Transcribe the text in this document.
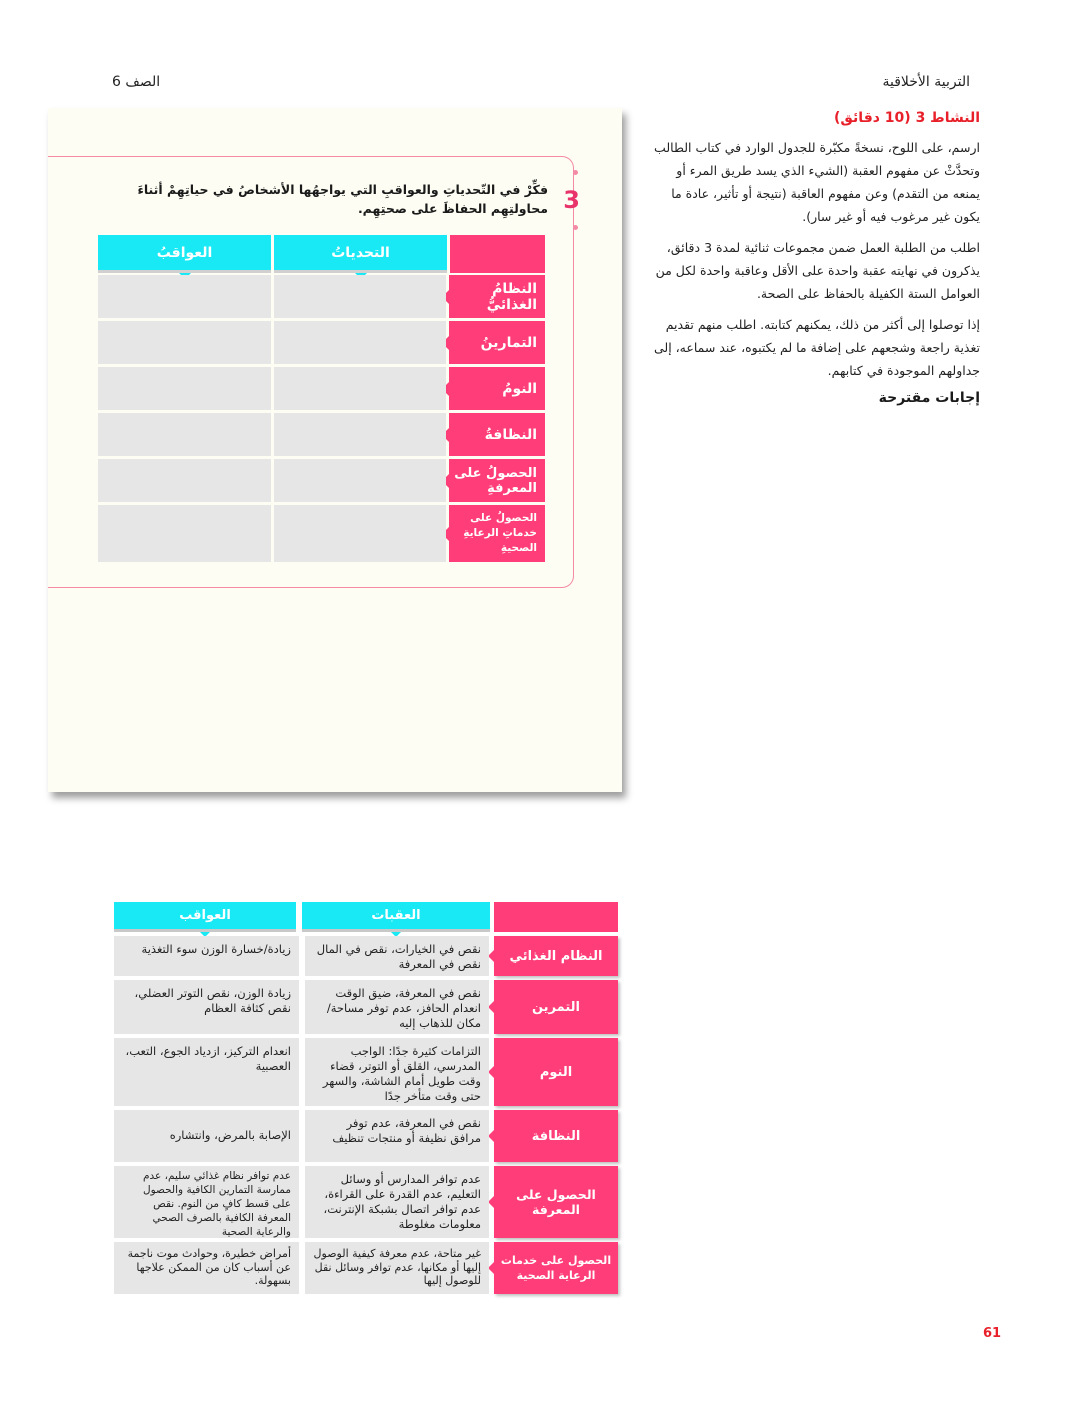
التربية الأخلاقية
الصف 6
النشاط 3 (10 دقائق)

ارسم، على اللوح، نسخةً مكبّرة للجدول الوارد في كتاب الطالب وتحدَّثْ عن مفهوم العقبة (الشيء الذي يسد طريق المرء أو يمنعه من التقدم) وعن مفهوم العاقبة (نتيجة أو تأثير، عادة ما يكون غير مرغوب فيه أو غير سار).

اطلب من الطلبة العمل ضمن مجموعات ثنائية لمدة 3 دقائق، يذكرون في نهايته عقبة واحدة على الأقل وعاقبة واحدة لكل من العوامل الستة الكفيلة بالحفاظ على الصحة.

إذا توصلوا إلى أكثر من ذلك، يمكنهم كتابته. اطلب منهم تقديم تغذية راجعة وشجعهم على إضافة ما لم يكتبوه، عند سماعه، إلى جداولهم الموجودة في كتابهم.

إجابات مقترحة
3
فكِّرْ في التّحدياتِ والعواقبِ التي يواجهُها الأشخاصُ في حياتِهِمْ أثناءَ محاولتِهِم الحفاظَ على صحتِهِم.
العواقبُ	التحدياتُ
النظامُ الغذائيُّ
التمارينُ
النومُ
النظافةُ
الحصولُ على المعرفةِ
الحصولُ على خدماتِ الرعايةِ الصحيةِ
العواقب	العقبات
النظام الغذائي
نقص في الخيارات، نقص في المال نقص في المعرفة
زيادة/خسارة الوزن سوء التغذية
التمرين
نقص في المعرفة، ضيق الوقت انعدام الحافز، عدم توفر مساحة/مكان للذهاب إليه
زيادة الوزن، نقص التوتر العضلي، نقص كثافة العظام
النوم
التزامات كثيرة جدًا: الواجب المدرسي، القلق أو التوتر، قضاء وقت طويل أمام الشاشة، والسهر حتى وقت متأخر جدًا
انعدام التركيز، ازدياد الجوع، التعب، العصبية
النظافة
نقص في المعرفة، عدم توفر مرافق نظيفة أو منتجات تنظيف
الإصابة بالمرض، وانتشاره
الحصول على المعرفة
عدم توافر المدارس أو وسائل التعليم، عدم القدرة على القراءة، عدم توافر اتصال بشبكة الإنترنت، معلومات مغلوطة
عدم توافر نظام غذائي سليم، عدم ممارسة التمارين الكافية والحصول على قسط كافٍ من النوم. نقص المعرفة الكافية بالصرف الصحي والرعاية الصحية
الحصول على خدمات الرعاية الصحية
غير متاحة، عدم معرفة كيفية الوصول إليها أو مكانها، عدم توافر وسائل نقل للوصول إليها
أمراض خطيرة، وحوادث موت ناجمة عن أسباب كان من الممكن علاجها بسهولة.
61
